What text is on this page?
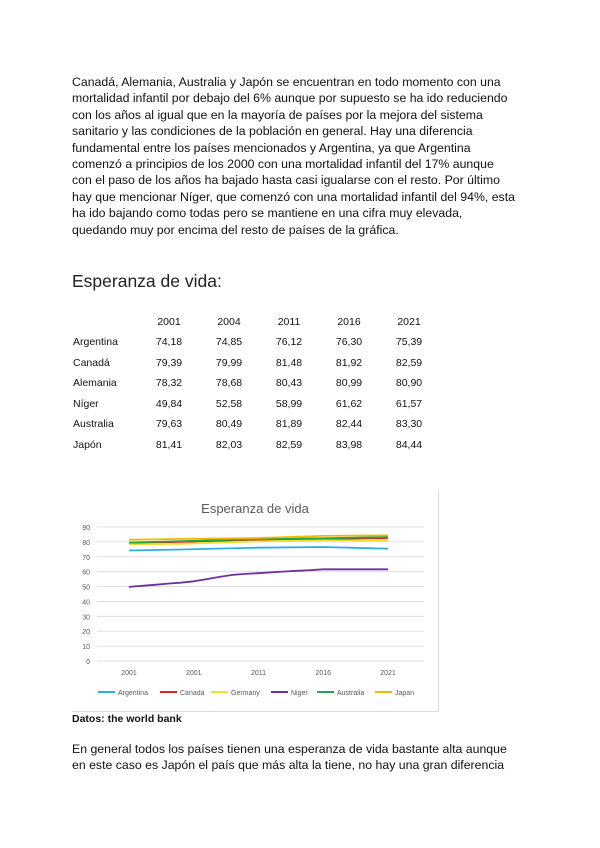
Canadá, Alemania, Australia y Japón se encuentran en todo momento con una
mortalidad infantil por debajo del 6% aunque por supuesto se ha ido reduciendo
con los años al igual que en la mayoría de países por la mejora del sistema
sanitario y las condiciones de la población en general. Hay una diferencia
fundamental entre los países mencionados y Argentina, ya que Argentina
comenzó a principios de los 2000 con una mortalidad infantil del 17% aunque
con el paso de los años ha bajado hasta casi igualarse con el resto. Por último
hay que mencionar Níger, que comenzó con una mortalidad infantil del 94%, esta
ha ido bajando como todas pero se mantiene en una cifra muy elevada,
quedando muy por encima del resto de países de la gráfica.

Esperanza de vida:
	2001	2004	2011	2016	2021
Argentina	74,18	74,85	76,12	76,30	75,39
Canadá	79,39	79,99	81,48	81,92	82,59
Alemania	78,32	78,68	80,43	80,99	80,90
Níger	49,84	52,58	58,99	61,62	61,57
Australia	79,63	80,49	81,89	82,44	83,30
Japón	81,41	82,03	82,59	83,98	84,44
Esperanza de vida
0
10
20
30
40
50
60
70
80
90
2001	2001	2011	2016	2021
Argentina	Canada	Germany	Niger	Australia	Japan

Datos: the world bank

En general todos los países tienen una esperanza de vida bastante alta aunque
en este caso es Japón el país que más alta la tiene, no hay una gran diferencia
